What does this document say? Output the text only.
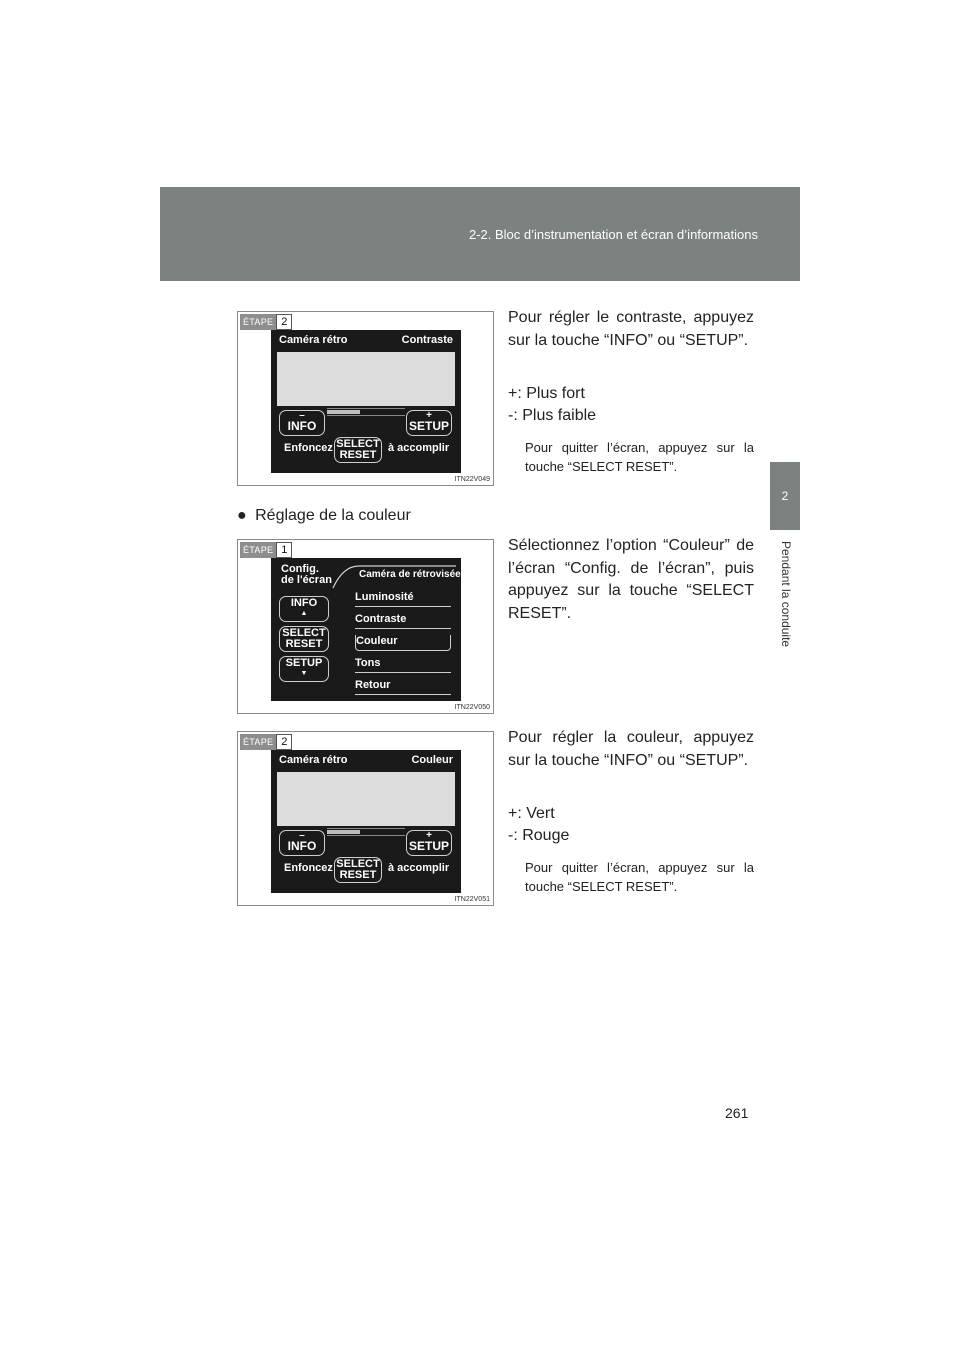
2-2. Bloc d’instrumentation et écran d’informations
2
Pendant la conduite
ÉTAPE 2
Caméra rétro	Contraste
–
INFO
+
SETUP
Enfoncez SELECT
RESET
à accomplir
ITN22V049
Pour régler le contraste, appuyez sur la touche “INFO” ou “SETUP”.
+: Plus fort
-: Plus faible
Pour quitter l’écran, appuyez sur la touche “SELECT RESET”.
● Réglage de la couleur
ÉTAPE 1
Config.
de l'écran	Caméra de rétrovisée
INFO
▲
SELECT
RESET
SETUP
▼
Luminosité
Contraste
Couleur
Tons
Retour
ITN22V050
Sélectionnez l’option “Couleur” de l’écran “Config. de l’écran”, puis appuyez sur la touche “SELECT RESET”.
ÉTAPE 2
Caméra rétro	Couleur
–
INFO
+
SETUP
Enfoncez SELECT
RESET
à accomplir
ITN22V051
Pour régler la couleur, appuyez sur la touche “INFO” ou “SETUP”.
+: Vert
-: Rouge
Pour quitter l’écran, appuyez sur la touche “SELECT RESET”.
261
